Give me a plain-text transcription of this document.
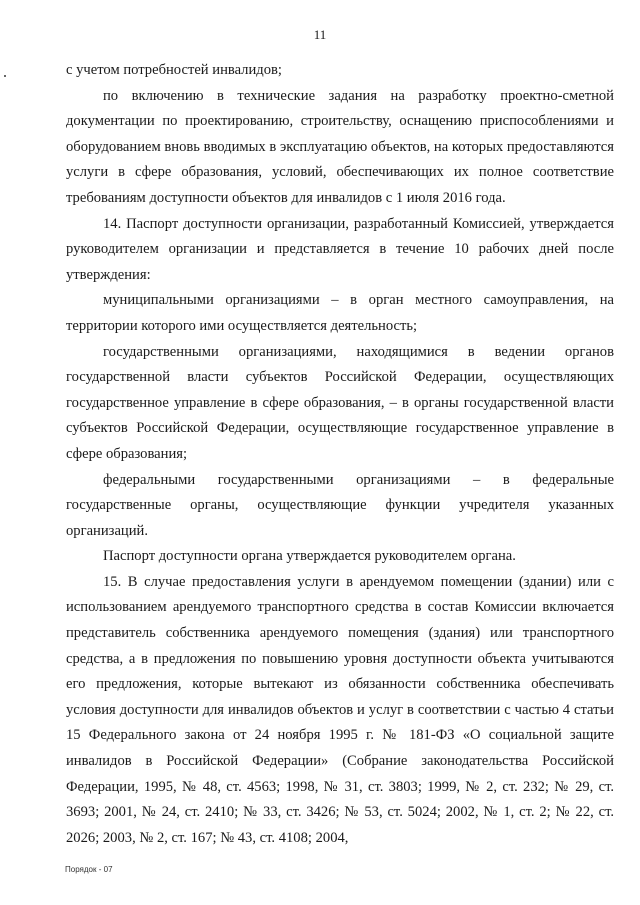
11

с учетом потребностей инвалидов;

по включению в технические задания на разработку проектно-сметной документации по проектированию, строительству, оснащению приспособлениями и оборудованием вновь вводимых в эксплуатацию объектов, на которых предоставляются услуги в сфере образования, условий, обеспечивающих их полное соответствие требованиям доступности объектов для инвалидов с 1 июля 2016 года.

14. Паспорт доступности организации, разработанный Комиссией, утверждается руководителем организации и представляется в течение 10 рабочих дней после утверждения:

муниципальными организациями – в орган местного самоуправления, на территории которого ими осуществляется деятельность;

государственными организациями, находящимися в ведении органов государственной власти субъектов Российской Федерации, осуществляющих государственное управление в сфере образования, – в органы государственной власти субъектов Российской Федерации, осуществляющие государственное управление в сфере образования;

федеральными государственными организациями – в федеральные государственные органы, осуществляющие функции учредителя указанных организаций.

Паспорт доступности органа утверждается руководителем органа.

15. В случае предоставления услуги в арендуемом помещении (здании) или с использованием арендуемого транспортного средства в состав Комиссии включается представитель собственника арендуемого помещения (здания) или транспортного средства, а в предложения по повышению уровня доступности объекта учитываются его предложения, которые вытекают из обязанности собственника обеспечивать условия доступности для инвалидов объектов и услуг в соответствии с частью 4 статьи 15 Федерального закона от 24 ноября 1995 г. № 181-ФЗ «О социальной защите инвалидов в Российской Федерации» (Собрание законодательства Российской Федерации, 1995, № 48, ст. 4563; 1998, № 31, ст. 3803; 1999, № 2, ст. 232; № 29, ст. 3693; 2001, № 24, ст. 2410; № 33, ст. 3426; № 53, ст. 5024; 2002, № 1, ст. 2; № 22, ст. 2026; 2003, № 2, ст. 167; № 43, ст. 4108; 2004,

Порядок - 07
